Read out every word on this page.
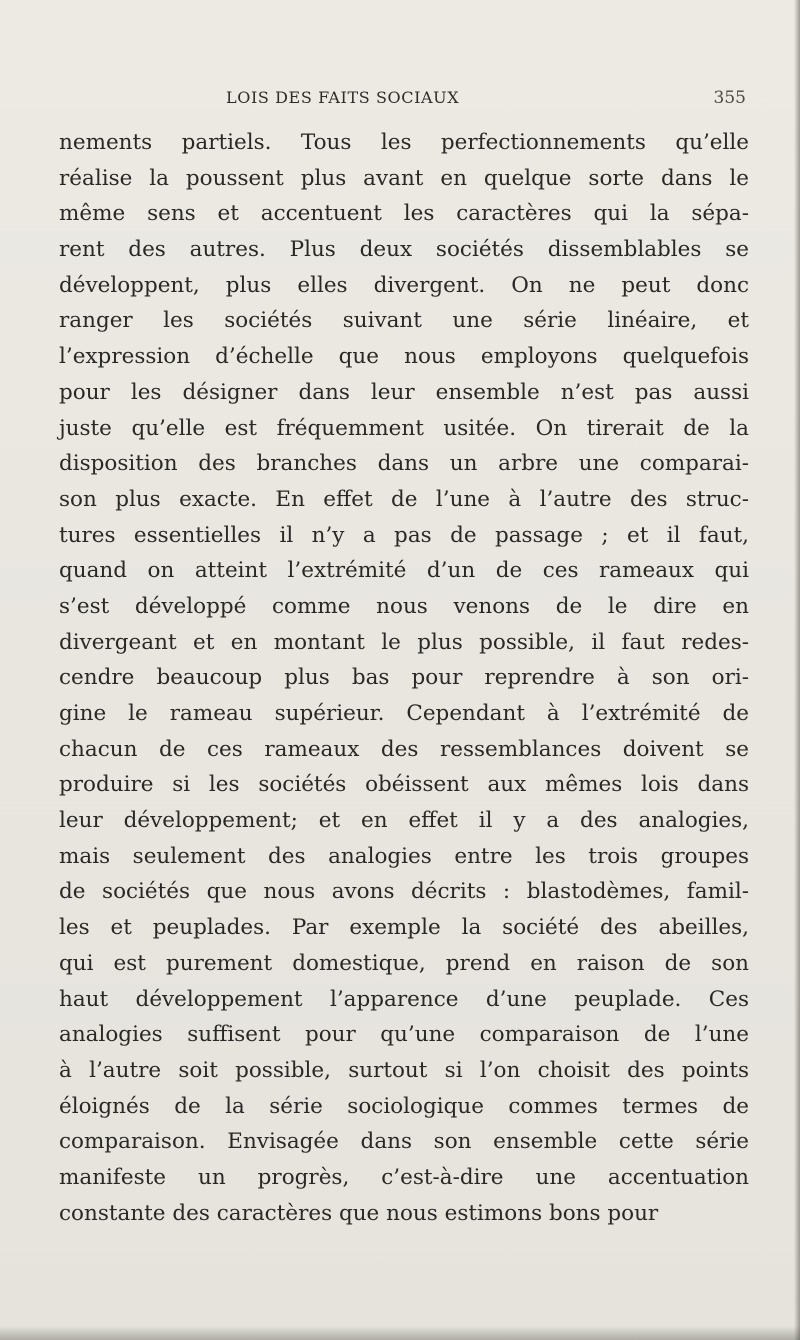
LOIS DES FAITS SOCIAUX	355
nements partiels. Tous les perfectionnements qu’elle
réalise la poussent plus avant en quelque sorte dans le
même sens et accentuent les caractères qui la sépa-
rent des autres. Plus deux sociétés dissemblables se
développent, plus elles divergent. On ne peut donc
ranger les sociétés suivant une série linéaire, et
l’expression d’échelle que nous employons quelquefois
pour les désigner dans leur ensemble n’est pas aussi
juste qu’elle est fréquemment usitée. On tirerait de la
disposition des branches dans un arbre une comparai-
son plus exacte. En effet de l’une à l’autre des struc-
tures essentielles il n’y a pas de passage ; et il faut,
quand on atteint l’extrémité d’un de ces rameaux qui
s’est développé comme nous venons de le dire en
divergeant et en montant le plus possible, il faut redes-
cendre beaucoup plus bas pour reprendre à son ori-
gine le rameau supérieur. Cependant à l’extrémité de
chacun de ces rameaux des ressemblances doivent se
produire si les sociétés obéissent aux mêmes lois dans
leur développement; et en effet il y a des analogies,
mais seulement des analogies entre les trois groupes
de sociétés que nous avons décrits : blastodèmes, famil-
les et peuplades. Par exemple la société des abeilles,
qui est purement domestique, prend en raison de son
haut développement l’apparence d’une peuplade. Ces
analogies suffisent pour qu’une comparaison de l’une
à l’autre soit possible, surtout si l’on choisit des points
éloignés de la série sociologique commes termes de
comparaison. Envisagée dans son ensemble cette série
manifeste un progrès, c’est-à-dire une accentuation
constante des caractères que nous estimons bons pour
